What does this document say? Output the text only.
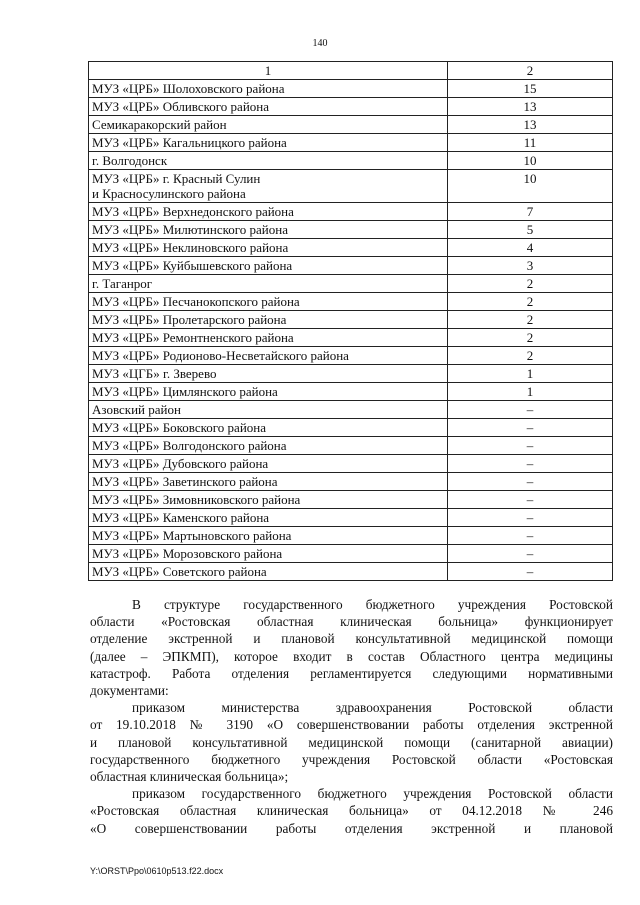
140
1	2

МУЗ «ЦРБ» Шолоховского района	15

МУЗ «ЦРБ» Обливского района	13

Семикаракорский район	13

МУЗ «ЦРБ» Кагальницкого района	11

г. Волгодонск	10

МУЗ «ЦРБ» г. Красный Сулин
и Красносулинского района	10

МУЗ «ЦРБ» Верхнедонского района	7

МУЗ «ЦРБ» Милютинского района	5

МУЗ «ЦРБ» Неклиновского района	4

МУЗ «ЦРБ» Куйбышевского района	3

г. Таганрог	2

МУЗ «ЦРБ» Песчанокопского района	2

МУЗ «ЦРБ» Пролетарского района	2

МУЗ «ЦРБ» Ремонтненского района	2

МУЗ «ЦРБ» Родионово-Несветайского района	2

МУЗ «ЦГБ» г. Зверево	1

МУЗ «ЦРБ» Цимлянского района	1

Азовский район	–

МУЗ «ЦРБ» Боковского района	–

МУЗ «ЦРБ» Волгодонского района	–

МУЗ «ЦРБ» Дубовского района	–

МУЗ «ЦРБ» Заветинского района	–

МУЗ «ЦРБ» Зимовниковского района	–

МУЗ «ЦРБ» Каменского района	–

МУЗ «ЦРБ» Мартыновского района	–

МУЗ «ЦРБ» Морозовского района	–

МУЗ «ЦРБ» Советского района	–

В структуре государственного бюджетного учреждения Ростовской

области «Ростовская областная клиническая больница» функционирует

отделение экстренной и плановой консультативной медицинской помощи

(далее – ЭПКМП), которое входит в состав Областного центра медицины

катастроф. Работа отделения регламентируется следующими нормативными

документами:

приказом министерства здравоохранения Ростовской области

от 19.10.2018 № 3190 «О совершенствовании работы отделения экстренной

и плановой консультативной медицинской помощи (санитарной авиации)

государственного бюджетного учреждения Ростовской области «Ростовская

областная клиническая больница»;

приказом государственного бюджетного учреждения Ростовской области

«Ростовская областная клиническая больница» от 04.12.2018 № 246

«О совершенствовании работы отделения экстренной и плановой

Y:\ORST\Ppo\0610p513.f22.docx
